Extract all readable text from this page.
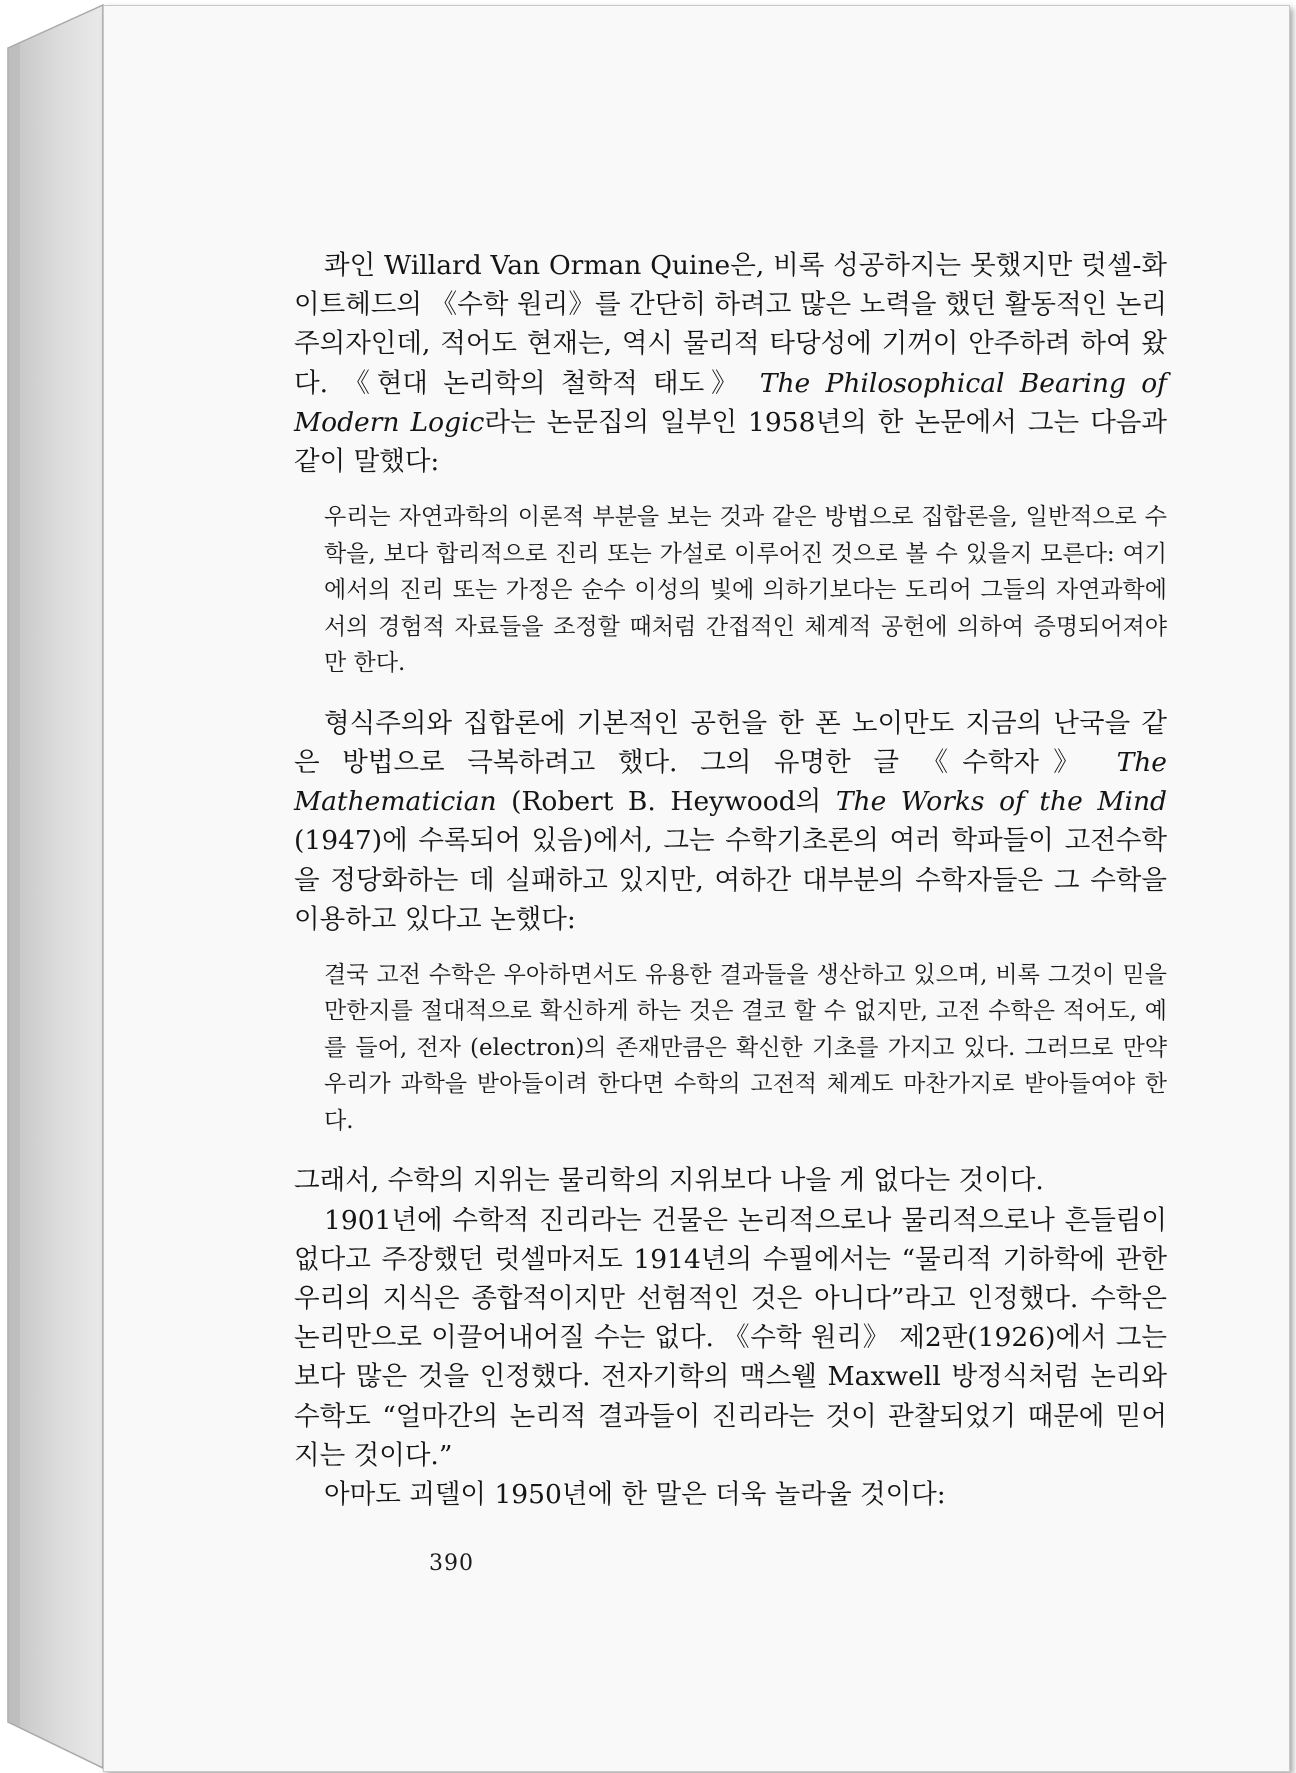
콰인 Willard Van Orman Quine은, 비록 성공하지는 못했지만 럿셀-화이트헤드의 《수학 원리》를 간단히 하려고 많은 노력을 했던 활동적인 논리주의자인데, 적어도 현재는, 역시 물리적 타당성에 기꺼이 안주하려 하여 왔다. 《현대 논리학의 철학적 태도》 The Philosophical Bearing of Modern Logic라는 논문집의 일부인 1958년의 한 논문에서 그는 다음과 같이 말했다:

우리는 자연과학의 이론적 부분을 보는 것과 같은 방법으로 집합론을, 일반적으로 수학을, 보다 합리적으로 진리 또는 가설로 이루어진 것으로 볼 수 있을지 모른다: 여기에서의 진리 또는 가정은 순수 이성의 빛에 의하기보다는 도리어 그들의 자연과학에서의 경험적 자료들을 조정할 때처럼 간접적인 체계적 공헌에 의하여 증명되어져야만 한다.

형식주의와 집합론에 기본적인 공헌을 한 폰 노이만도 지금의 난국을 같은 방법으로 극복하려고 했다. 그의 유명한 글 《수학자》 The Mathematician (Robert B. Heywood의 The Works of the Mind (1947)에 수록되어 있음)에서, 그는 수학기초론의 여러 학파들이 고전수학을 정당화하는 데 실패하고 있지만, 여하간 대부분의 수학자들은 그 수학을 이용하고 있다고 논했다:

결국 고전 수학은 우아하면서도 유용한 결과들을 생산하고 있으며, 비록 그것이 믿을 만한지를 절대적으로 확신하게 하는 것은 결코 할 수 없지만, 고전 수학은 적어도, 예를 들어, 전자 (electron)의 존재만큼은 확신한 기초를 가지고 있다. 그러므로 만약 우리가 과학을 받아들이려 한다면 수학의 고전적 체계도 마찬가지로 받아들여야 한다.

그래서, 수학의 지위는 물리학의 지위보다 나을 게 없다는 것이다.

1901년에 수학적 진리라는 건물은 논리적으로나 물리적으로나 흔들림이 없다고 주장했던 럿셀마저도 1914년의 수필에서는 “물리적 기하학에 관한 우리의 지식은 종합적이지만 선험적인 것은 아니다”라고 인정했다. 수학은 논리만으로 이끌어내어질 수는 없다. 《수학 원리》 제2판(1926)에서 그는 보다 많은 것을 인정했다. 전자기학의 맥스웰 Maxwell 방정식처럼 논리와 수학도 “얼마간의 논리적 결과들이 진리라는 것이 관찰되었기 때문에 믿어지는 것이다.”

아마도 괴델이 1950년에 한 말은 더욱 놀라울 것이다:

390
